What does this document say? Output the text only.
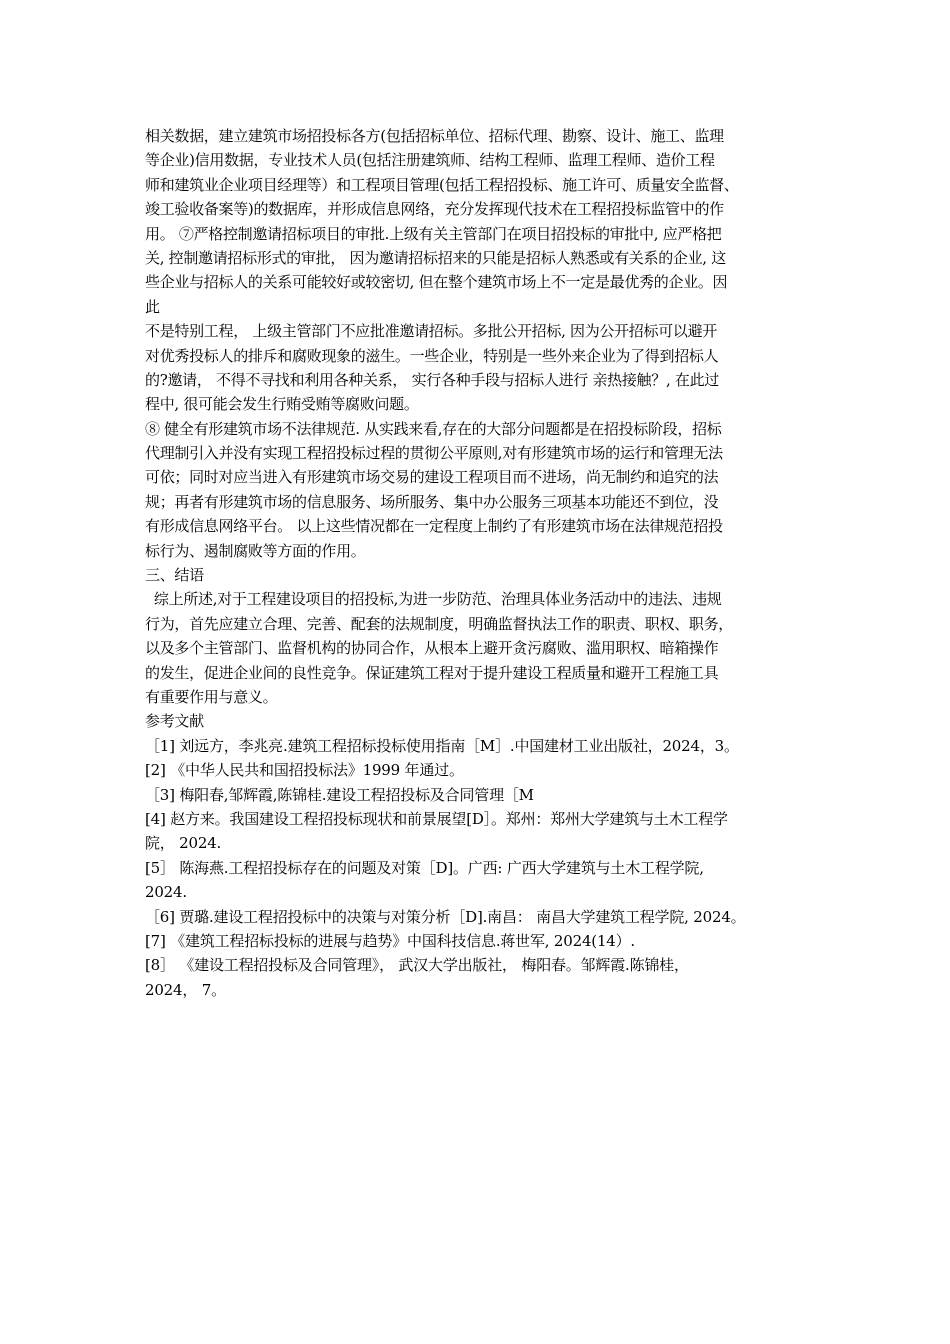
相关数据，建立建筑市场招投标各方(包括招标单位、招标代理、勘察、设计、施工、监理
等企业)信用数据，专业技术人员(包括注册建筑师、结构工程师、监理工程师、造价工程
师和建筑业企业项目经理等）和工程项目管理(包括工程招投标、施工许可、质量安全监督、
竣工验收备案等)的数据库，并形成信息网络，充分发挥现代技术在工程招投标监管中的作
用。 ⑦严格控制邀请招标项目的审批.上级有关主管部门在项目招投标的审批中, 应严格把
关, 控制邀请招标形式的审批， 因为邀请招标招来的只能是招标人熟悉或有关系的企业, 这
些企业与招标人的关系可能较好或较密切, 但在整个建筑市场上不一定是最优秀的企业。因
此
不是特别工程， 上级主管部门不应批准邀请招标。多批公开招标, 因为公开招标可以避开
对优秀投标人的排斥和腐败现象的滋生。一些企业，特别是一些外来企业为了得到招标人
的?邀请， 不得不寻找和利用各种关系， 实行各种手段与招标人进行 亲热接触？, 在此过
程中, 很可能会发生行贿受贿等腐败问题。
⑧ 健全有形建筑市场不法律规范. 从实践来看,存在的大部分问题都是在招投标阶段，招标
代理制引入并没有实现工程招投标过程的贯彻公平原则,对有形建筑市场的运行和管理无法
可依；同时对应当进入有形建筑市场交易的建设工程项目而不进场，尚无制约和追究的法
规；再者有形建筑市场的信息服务、场所服务、集中办公服务三项基本功能还不到位，没
有形成信息网络平台。 以上这些情况都在一定程度上制约了有形建筑市场在法律规范招投
标行为、遏制腐败等方面的作用。
三、结语
综上所述,对于工程建设项目的招投标,为进一步防范、治理具体业务活动中的违法、违规
行为，首先应建立合理、完善、配套的法规制度，明确监督执法工作的职责、职权、职务，
以及多个主管部门、监督机构的协同合作，从根本上避开贪污腐败、滥用职权、暗箱操作
的发生，促进企业间的良性竞争。保证建筑工程对于提升建设工程质量和避开工程施工具
有重要作用与意义。
参考文献
［1] 刘远方，李兆亮.建筑工程招标投标使用指南［M］.中国建材工业出版社，2024，3。
[2] 《中华人民共和国招投标法》1999 年通过。
［3] 梅阳春,邹辉霞,陈锦桂.建设工程招投标及合同管理［M
[4] 赵方来。我国建设工程招投标现状和前景展望[D］。郑州：郑州大学建筑与土木工程学
院， 2024.
[5］ 陈海燕.工程招投标存在的问题及对策［D]。广西: 广西大学建筑与土木工程学院,
2024.
［6] 贾璐.建设工程招投标中的决策与对策分析［D].南昌： 南昌大学建筑工程学院, 2024。
[7] 《建筑工程招标投标的进展与趋势》中国科技信息.蒋世军, 2024(14）.
[8］ 《建设工程招投标及合同管理》， 武汉大学出版社， 梅阳春。邹辉霞.陈锦桂，
2024， 7。
